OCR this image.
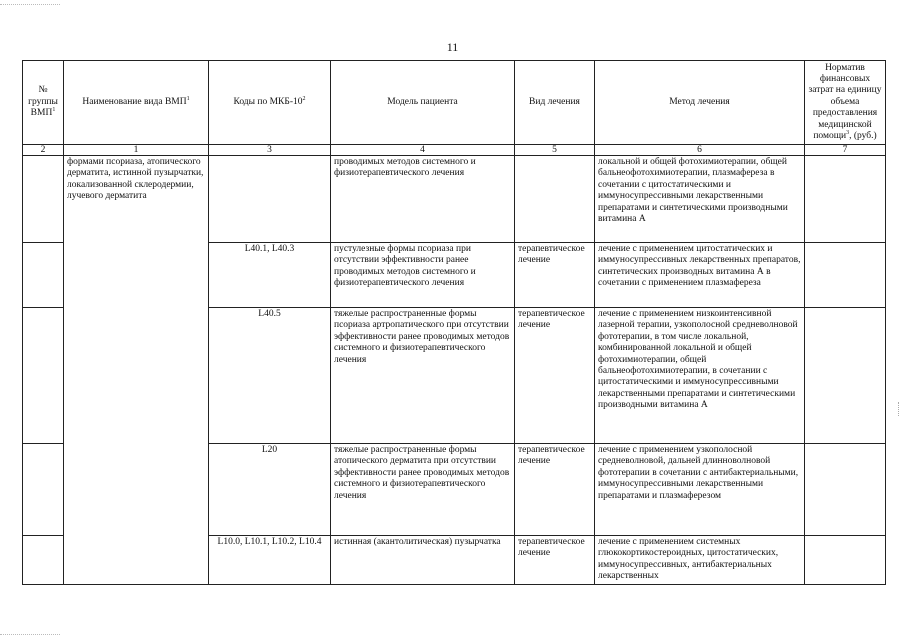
11
№ группы ВМП$^1$	Наименование вида ВМП$^1$	Коды по МКБ-$10^2$	Модель пациента	Вид лечения	Метод лечения	Норматив финансовых затрат на единицу объема предоставления медицинской помощи$^3$, (руб.)
2	1	3	4	5	6	7
	формами псориаза, атопического дерматита, истинной пузырчатки, локализованной склеродермии, лучевого дерматита		проводимых методов системного и физиотерапевтического лечения		локальной и общей фотохимиотерапии, общей бальнеофотохимиотерапии, плазмафереза в сочетании с цитостатическими и иммуносупрессивными лекарственными препаратами и синтетическими производными витамина А	
		L40.1, L40.3	пустулезные формы псориаза при отсутствии эффективности ранее проводимых методов системного и физиотерапевтического лечения	терапевтическое лечение	лечение с применением цитостатических и иммуносупрессивных лекарственных препаратов, синтетических производных витамина А в сочетании с применением плазмафереза	
		L40.5	тяжелые распространенные формы псориаза артропатического при отсутствии эффективности ранее проводимых методов системного и физиотерапевтического лечения	терапевтическое лечение	лечение с применением низкоинтенсивной лазерной терапии, узкополосной средневолновой фототерапии, в том числе локальной, комбинированной локальной и общей фотохимиотерапии, общей бальнеофотохимиотерапии, в сочетании с цитостатическими и иммуносупрессивными лекарственными препаратами и синтетическими производными витамина А	
		L20	тяжелые распространенные формы атопического дерматита при отсутствии эффективности ранее проводимых методов системного и физиотерапевтического лечения	терапевтическое лечение	лечение с применением узкополосной средневолновой, дальней длинноволновой фототерапии в сочетании с антибактериальными, иммуносупрессивными лекарственными препаратами и плазмаферезом	
		L10.0, L10.1, L10.2, L10.4	истинная (акантолитическая) пузырчатка	терапевтическое лечение	лечение с применением системных глюкокортикостероидных, цитостатических, иммуносупрессивных, антибактериальных лекарственных	
